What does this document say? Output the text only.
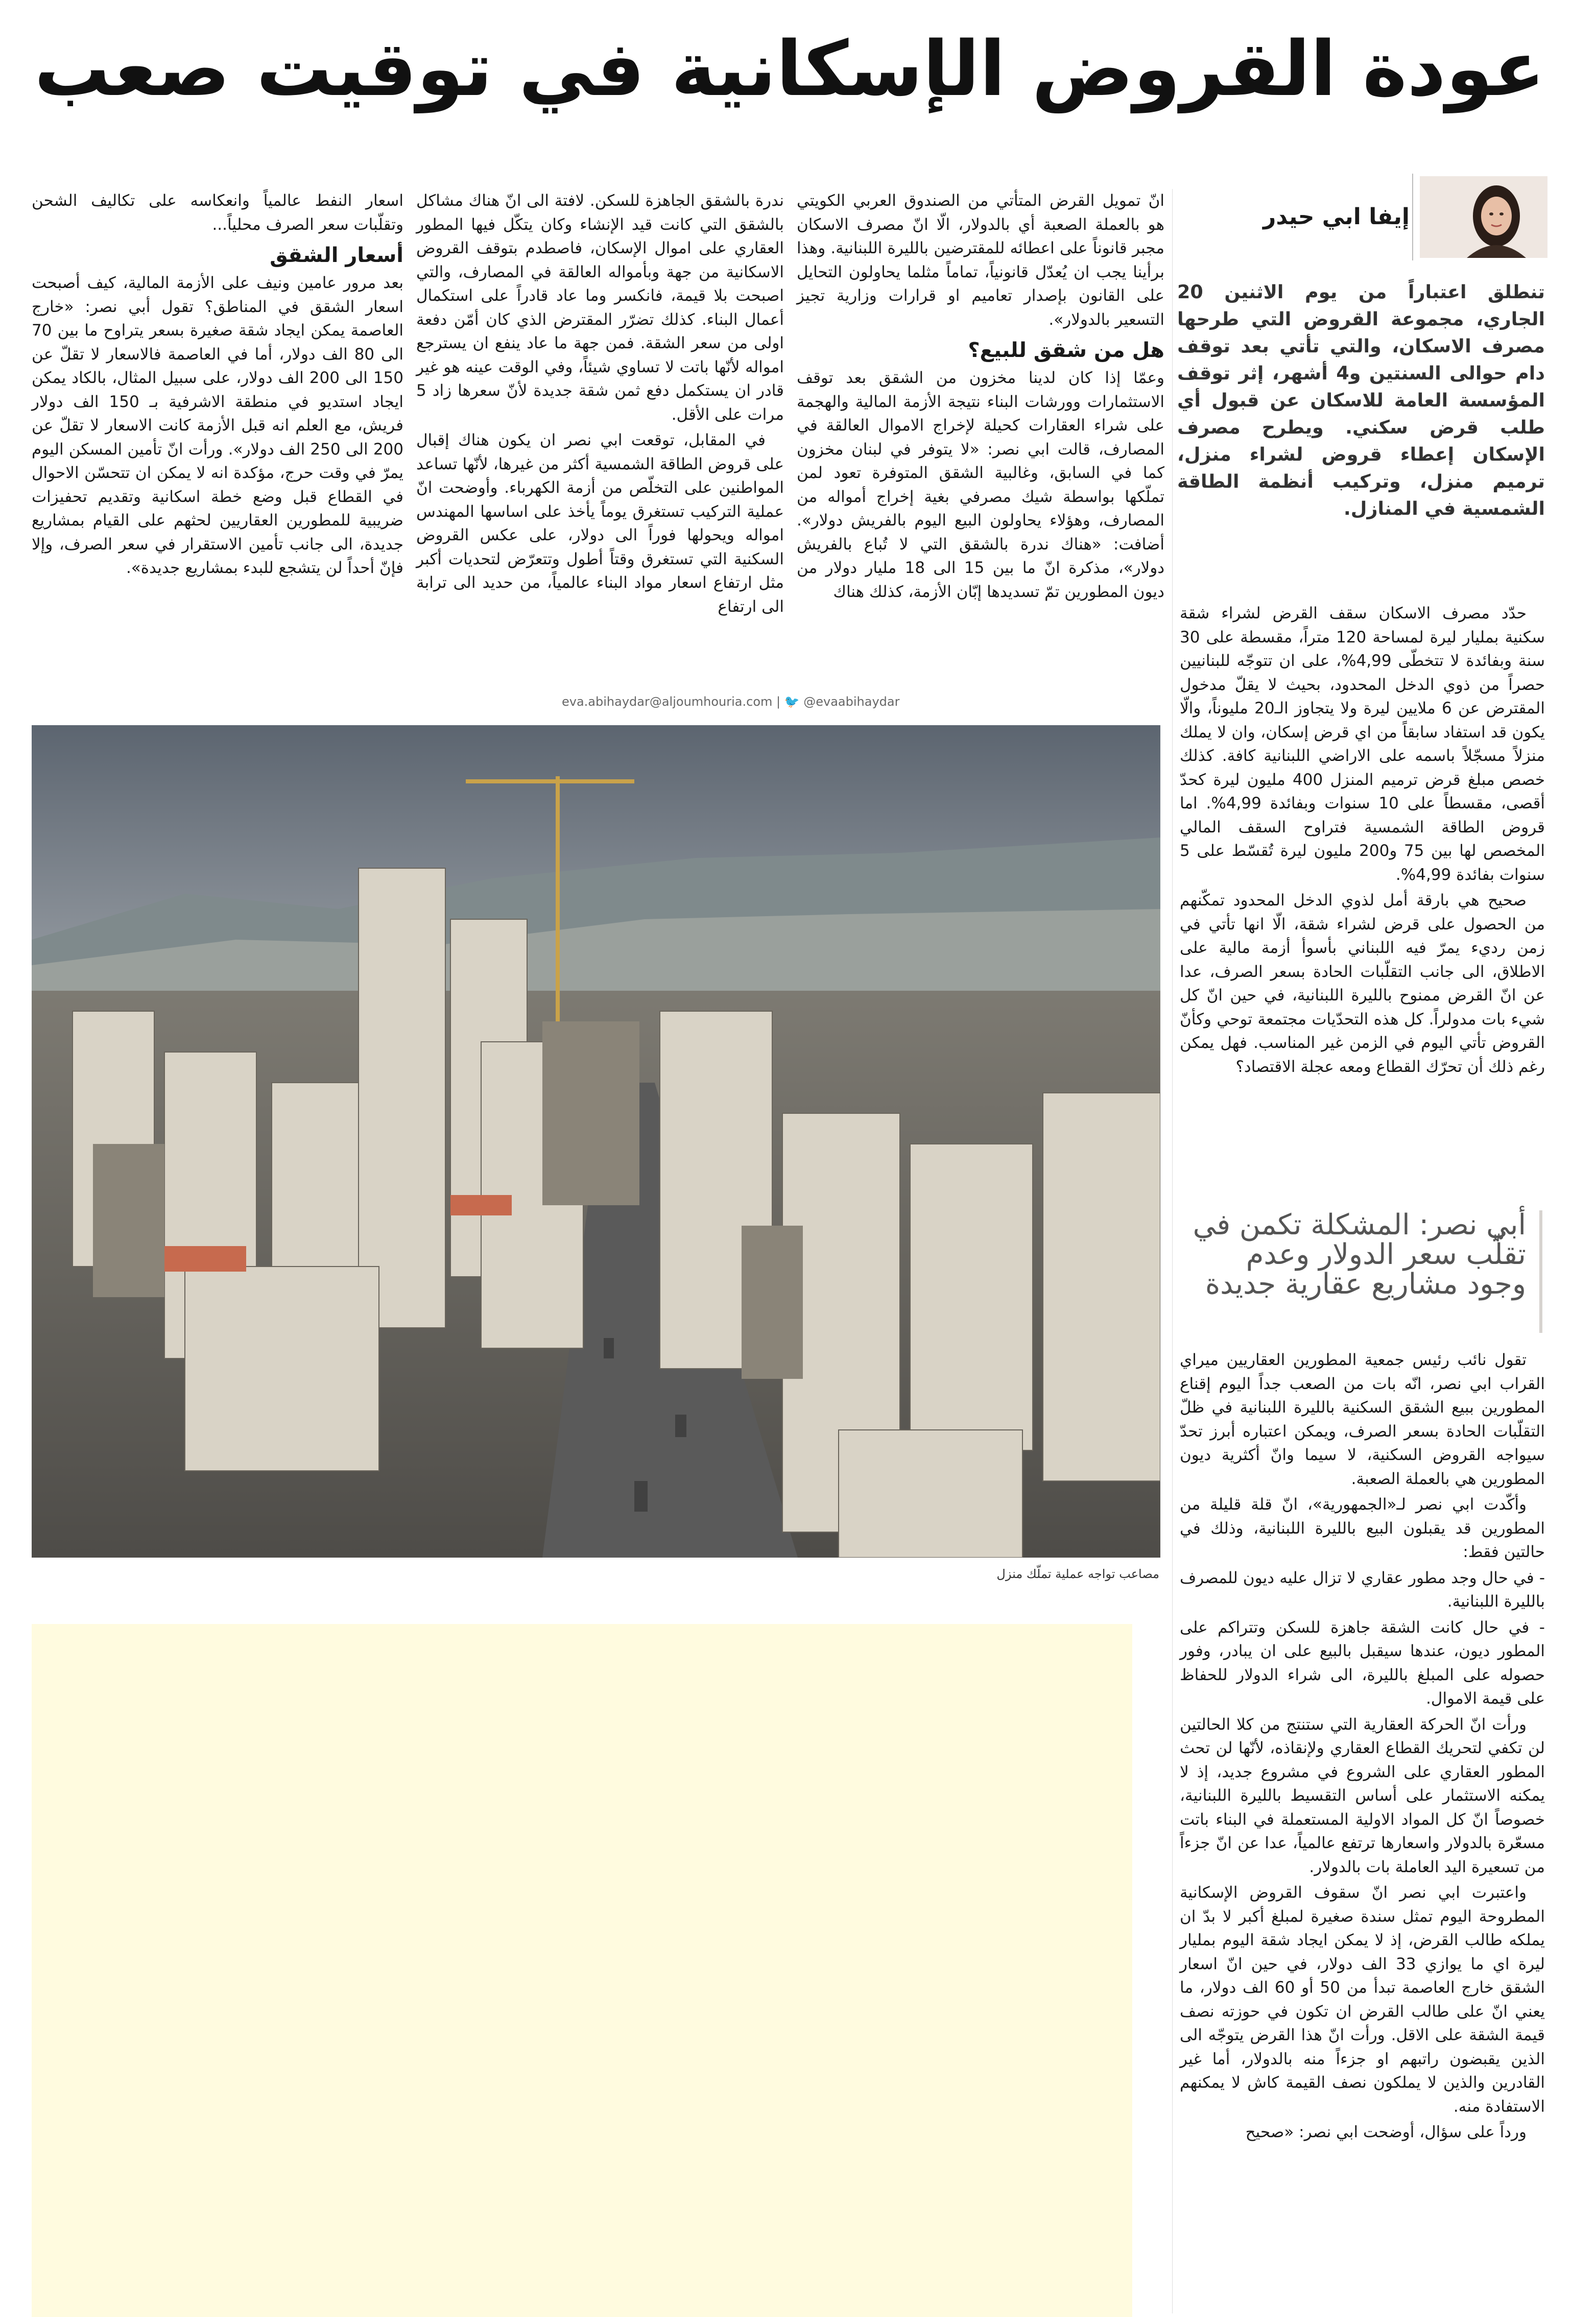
عودة القروض الإسكانية في توقيت صعب
إيفا ابي حيدر
تنطلق اعتباراً من يوم الاثنين 20 الجاري، مجموعة القروض التي طرحها مصرف الاسكان، والتي تأتي بعد توقف دام حوالى السنتين و4 أشهر، إثر توقف المؤسسة العامة للاسكان عن قبول أي طلب قرض سكني. ويطرح مصرف الإسكان إعطاء قروض لشراء منزل، ترميم منزل، وتركيب أنظمة الطاقة الشمسية في المنازل.

حدّد مصرف الاسكان سقف القرض لشراء شقة سكنية بمليار ليرة لمساحة 120 متراً، مقسطة على 30 سنة وبفائدة لا تتخطّى 4,99%، على ان تتوجّه للبنانيين حصراً من ذوي الدخل المحدود، بحيث لا يقلّ مدخول المقترض عن 6 ملايين ليرة ولا يتجاوز الـ20 مليوناً، والّا يكون قد استفاد سابقاً من اي قرض إسكان، وان لا يملك منزلاً مسجّلاً باسمه على الاراضي اللبنانية كافة. كذلك خصص مبلغ قرض ترميم المنزل 400 مليون ليرة كحدّ أقصى، مقسطاً على 10 سنوات وبفائدة 4,99%. اما قروض الطاقة الشمسية فتراوح السقف المالي المخصص لها بين 75 و200 مليون ليرة تُقسّط على 5 سنوات بفائدة 4,99%.

صحيح هي بارقة أمل لذوي الدخل المحدود تمكّنهم من الحصول على قرض لشراء شقة، الّا انها تأتي في زمن رديء يمرّ فيه اللبناني بأسوأ أزمة مالية على الاطلاق، الى جانب التقلّبات الحادة بسعر الصرف، عدا عن انّ القرض ممنوح بالليرة اللبنانية، في حين انّ كل شيء بات مدولراً. كل هذه التحدّيات مجتمعة توحي وكأنّ القروض تأتي اليوم في الزمن غير المناسب. فهل يمكن رغم ذلك أن تحرّك القطاع ومعه عجلة الاقتصاد؟

أبي نصر: المشكلة تكمن في تقلّب سعر الدولار وعدم وجود مشاريع عقارية جديدة

تقول نائب رئيس جمعية المطورين العقاريين ميراي القراب ابي نصر، انّه بات من الصعب جداً اليوم إقناع المطورين ببيع الشقق السكنية بالليرة اللبنانية في ظلّ التقلّبات الحادة بسعر الصرف، ويمكن اعتباره أبرز تحدّ سيواجه القروض السكنية، لا سيما وانّ أكثرية ديون المطورين هي بالعملة الصعبة.

وأكّدت ابي نصر لـ«الجمهورية»، انّ قلة قليلة من المطورين قد يقبلون البيع بالليرة اللبنانية، وذلك في حالتين فقط:

- في حال وجد مطور عقاري لا تزال عليه ديون للمصرف بالليرة اللبنانية.

- في حال كانت الشقة جاهزة للسكن وتتراكم على المطور ديون، عندها سيقبل بالبيع على ان يبادر، وفور حصوله على المبلغ بالليرة، الى شراء الدولار للحفاظ على قيمة الاموال.

ورأت انّ الحركة العقارية التي ستنتج من كلا الحالتين لن تكفي لتحريك القطاع العقاري ولإنقاذه، لأنّها لن تحث المطور العقاري على الشروع في مشروع جديد، إذ لا يمكنه الاستثمار على أساس التقسيط بالليرة اللبنانية، خصوصاً انّ كل المواد الاولية المستعملة في البناء باتت مسعّرة بالدولار واسعارها ترتفع عالمياً، عدا عن انّ جزءاً من تسعيرة اليد العاملة بات بالدولار.

واعتبرت ابي نصر انّ سقوف القروض الإسكانية المطروحة اليوم تمثل سندة صغيرة لمبلغ أكبر لا بدّ ان يملكه طالب القرض، إذ لا يمكن ايجاد شقة اليوم بمليار ليرة اي ما يوازي 33 الف دولار، في حين انّ اسعار الشقق خارج العاصمة تبدأ من 50 أو 60 الف دولار، ما يعني انّ على طالب القرض ان تكون في حوزته نصف قيمة الشقة على الاقل. ورأت انّ هذا القرض يتوجّه الى الذين يقبضون راتبهم او جزءاً منه بالدولار، أما غير القادرين والذين لا يملكون نصف القيمة كاش لا يمكنهم الاستفادة منه.

ورداً على سؤال، أوضحت ابي نصر: «صحيح

انّ تمويل القرض المتأتي من الصندوق العربي الكويتي هو بالعملة الصعبة أي بالدولار، الّا انّ مصرف الاسكان مجبر قانوناً على اعطائه للمقترضين بالليرة اللبنانية. وهذا برأينا يجب ان يُعدّل قانونياً، تماماً مثلما يحاولون التحايل على القانون بإصدار تعاميم او قرارات وزارية تجيز التسعير بالدولار».

هل من شقق للبيع؟

وعمّا إذا كان لدينا مخزون من الشقق بعد توقف الاستثمارات وورشات البناء نتيجة الأزمة المالية والهجمة على شراء العقارات كحيلة لإخراج الاموال العالقة في المصارف، قالت ابي نصر: «لا يتوفر في لبنان مخزون كما في السابق، وغالبية الشقق المتوفرة تعود لمن تملّكها بواسطة شيك مصرفي بغية إخراج أمواله من المصارف، وهؤلاء يحاولون البيع اليوم بالفريش دولار». أضافت: «هناك ندرة بالشقق التي لا تُباع بالفريش دولار»، مذكرة انّ ما بين 15 الى 18 مليار دولار من ديون المطورين تمّ تسديدها إبّان الأزمة، كذلك هناك

ندرة بالشقق الجاهزة للسكن. لافتة الى انّ هناك مشاكل بالشقق التي كانت قيد الإنشاء وكان يتكّل فيها المطور العقاري على اموال الإسكان، فاصطدم بتوقف القروض الاسكانية من جهة وبأمواله العالقة في المصارف، والتي اصبحت بلا قيمة، فانكسر وما عاد قادراً على استكمال أعمال البناء. كذلك تضرّر المقترض الذي كان أمّن دفعة اولى من سعر الشقة. فمن جهة ما عاد ينفع ان يسترجع امواله لأنّها باتت لا تساوي شيئاً، وفي الوقت عينه هو غير قادر ان يستكمل دفع ثمن شقة جديدة لأنّ سعرها زاد 5 مرات على الأقل.

في المقابل، توقعت ابي نصر ان يكون هناك إقبال على قروض الطاقة الشمسية أكثر من غيرها، لأنّها تساعد المواطنين على التخلّص من أزمة الكهرباء. وأوضحت انّ عملية التركيب تستغرق يوماً يأخذ على اساسها المهندس امواله ويحولها فوراً الى دولار، على عكس القروض السكنية التي تستغرق وقتاً أطول وتتعرّض لتحديات أكبر مثل ارتفاع اسعار مواد البناء عالمياً، من حديد الى ترابة الى ارتفاع

اسعار النفط عالمياً وانعكاسه على تكاليف الشحن وتقلّبات سعر الصرف محلياً...

أسعار الشقق

بعد مرور عامين ونيف على الأزمة المالية، كيف أصبحت اسعار الشقق في المناطق؟ تقول أبي نصر: «خارج العاصمة يمكن ايجاد شقة صغيرة بسعر يتراوح ما بين 70 الى 80 الف دولار، أما في العاصمة فالاسعار لا تقلّ عن 150 الى 200 الف دولار، على سبيل المثال، بالكاد يمكن ايجاد استديو في منطقة الاشرفية بـ 150 الف دولار فريش، مع العلم انه قبل الأزمة كانت الاسعار لا تقلّ عن 200 الى 250 الف دولار». ورأت انّ تأمين المسكن اليوم يمرّ في وقت حرج، مؤكدة انه لا يمكن ان تتحسّن الاحوال في القطاع قبل وضع خطة اسكانية وتقديم تحفيزات ضريبية للمطورين العقاريين لحثهم على القيام بمشاريع جديدة، الى جانب تأمين الاستقرار في سعر الصرف، وإلا فإنّ أحداً لن يتشجع للبدء بمشاريع جديدة».

eva.abihaydar@aljoumhouria.com | 🐦 @evaabihaydar
مصاعب تواجه عملية تملّك منزل
